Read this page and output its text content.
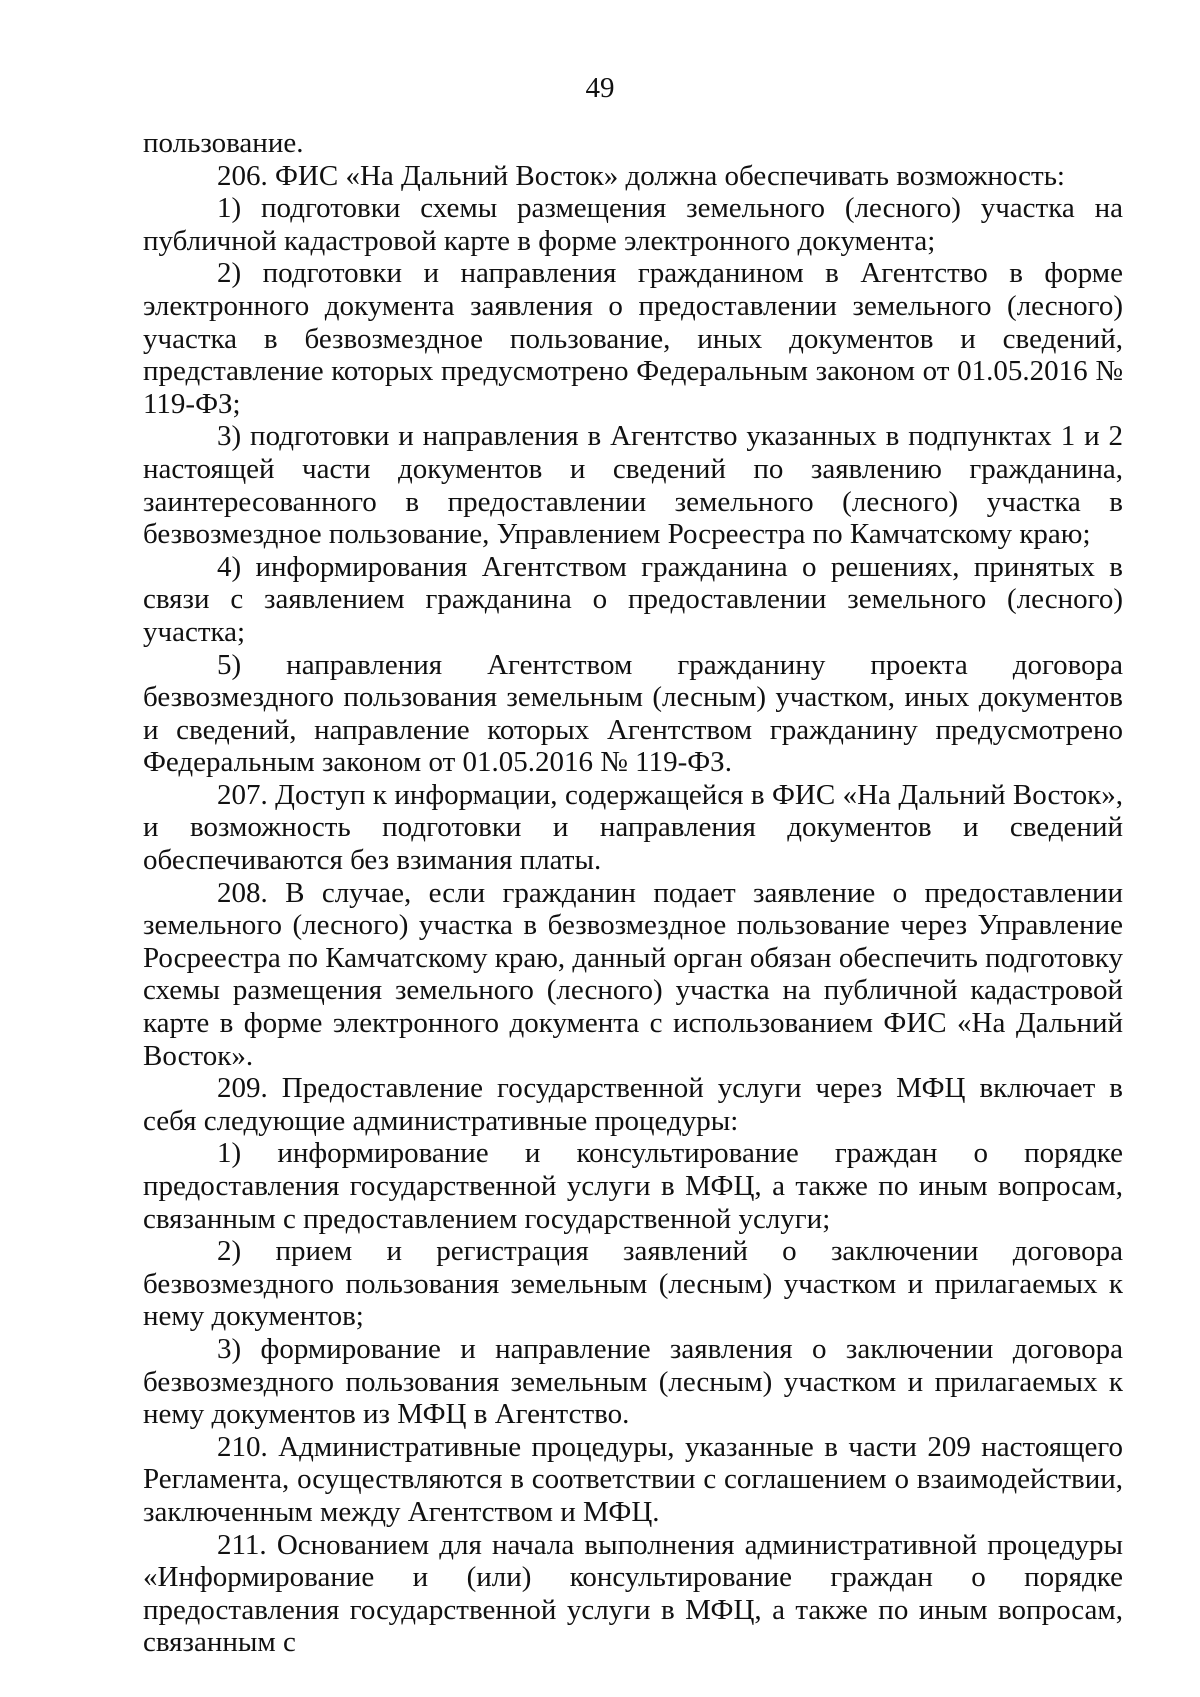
49

пользование.

206. ФИС «На Дальний Восток» должна обеспечивать возможность:

1) подготовки схемы размещения земельного (лесного) участка на публичной кадастровой карте в форме электронного документа;

2) подготовки и направления гражданином в Агентство в форме электронного документа заявления о предоставлении земельного (лесного) участка в безвозмездное пользование, иных документов и сведений, представление которых предусмотрено Федеральным законом от 01.05.2016 № 119-ФЗ;

3) подготовки и направления в Агентство указанных в подпунктах 1 и 2 настоящей части документов и сведений по заявлению гражданина, заинтересованного в предоставлении земельного (лесного) участка в безвозмездное пользование, Управлением Росреестра по Камчатскому краю;

4) информирования Агентством гражданина о решениях, принятых в связи с заявлением гражданина о предоставлении земельного (лесного) участка;

5) направления Агентством гражданину проекта договора безвозмездного пользования земельным (лесным) участком, иных документов и сведений, направление которых Агентством гражданину предусмотрено Федеральным законом от 01.05.2016 № 119-ФЗ.

207. Доступ к информации, содержащейся в ФИС «На Дальний Восток», и возможность подготовки и направления документов и сведений обеспечиваются без взимания платы.

208. В случае, если гражданин подает заявление о предоставлении земельного (лесного) участка в безвозмездное пользование через Управление Росреестра по Камчатскому краю, данный орган обязан обеспечить подготовку схемы размещения земельного (лесного) участка на публичной кадастровой карте в форме электронного документа с использованием ФИС «На Дальний Восток».

209. Предоставление государственной услуги через МФЦ включает в себя следующие административные процедуры:

1) информирование и консультирование граждан о порядке предоставления государственной услуги в МФЦ, а также по иным вопросам, связанным с предоставлением государственной услуги;

2) прием и регистрация заявлений о заключении договора безвозмездного пользования земельным (лесным) участком и прилагаемых к нему документов;

3) формирование и направление заявления о заключении договора безвозмездного пользования земельным (лесным) участком и прилагаемых к нему документов из МФЦ в Агентство.

210. Административные процедуры, указанные в части 209 настоящего Регламента, осуществляются в соответствии с соглашением о взаимодействии, заключенным между Агентством и МФЦ.

211. Основанием для начала выполнения административной процедуры «Информирование и (или) консультирование граждан о порядке предоставления государственной услуги в МФЦ, а также по иным вопросам, связанным с
